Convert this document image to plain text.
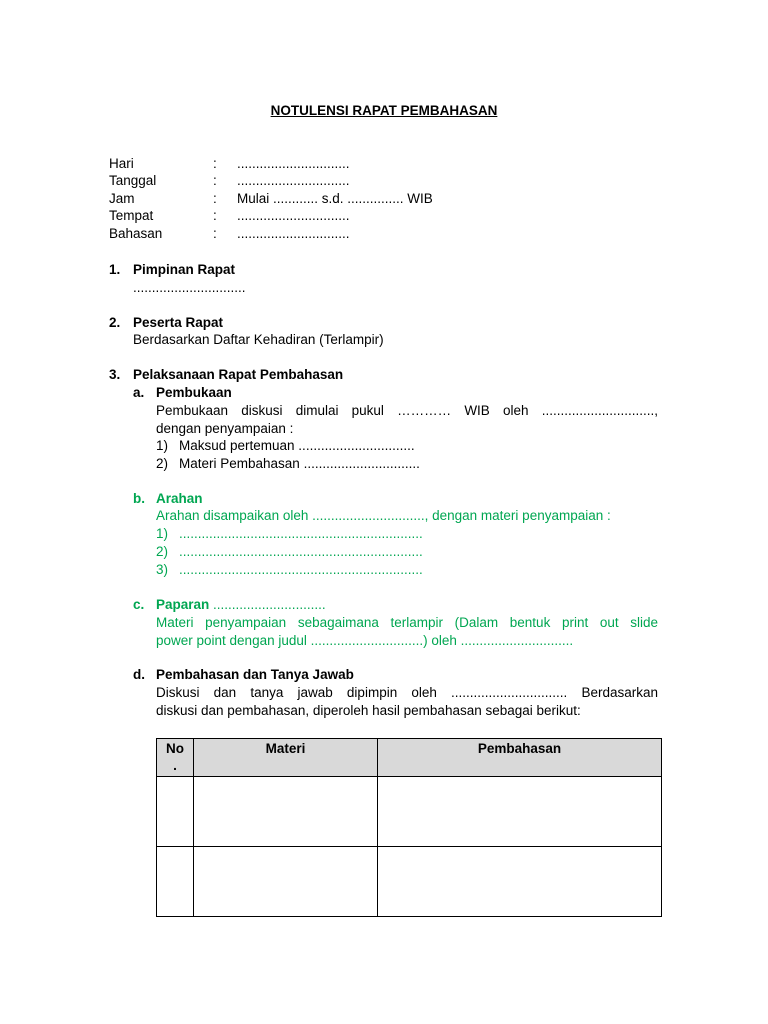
NOTULENSI RAPAT PEMBAHASAN
Hari	: ..............................
Tanggal	: ..............................
Jam	: Mulai ............ s.d. ............... WIB
Tempat	: ..............................
Bahasan	: ..............................
1. Pimpinan Rapat
..............................
2. Peserta Rapat
Berdasarkan Daftar Kehadiran (Terlampir)
3. Pelaksanaan Rapat Pembahasan
a. Pembukaan
Pembukaan diskusi dimulai pukul ………… WIB oleh ..............................,
dengan penyampaian :
1) Maksud pertemuan ...............................
2) Materi Pembahasan ...............................
b. Arahan
Arahan disampaikan oleh .............................., dengan materi penyampaian :
1) .................................................................
2) .................................................................
3) .................................................................
c. Paparan ..............................
Materi penyampaian sebagaimana terlampir (Dalam bentuk print out slide
power point dengan judul ..............................) oleh ..............................
d. Pembahasan dan Tanya Jawab
Diskusi dan tanya jawab dipimpin oleh ............................... Berdasarkan
diskusi dan pembahasan, diperoleh hasil pembahasan sebagai berikut:
No
.	Materi	Pembahasan
